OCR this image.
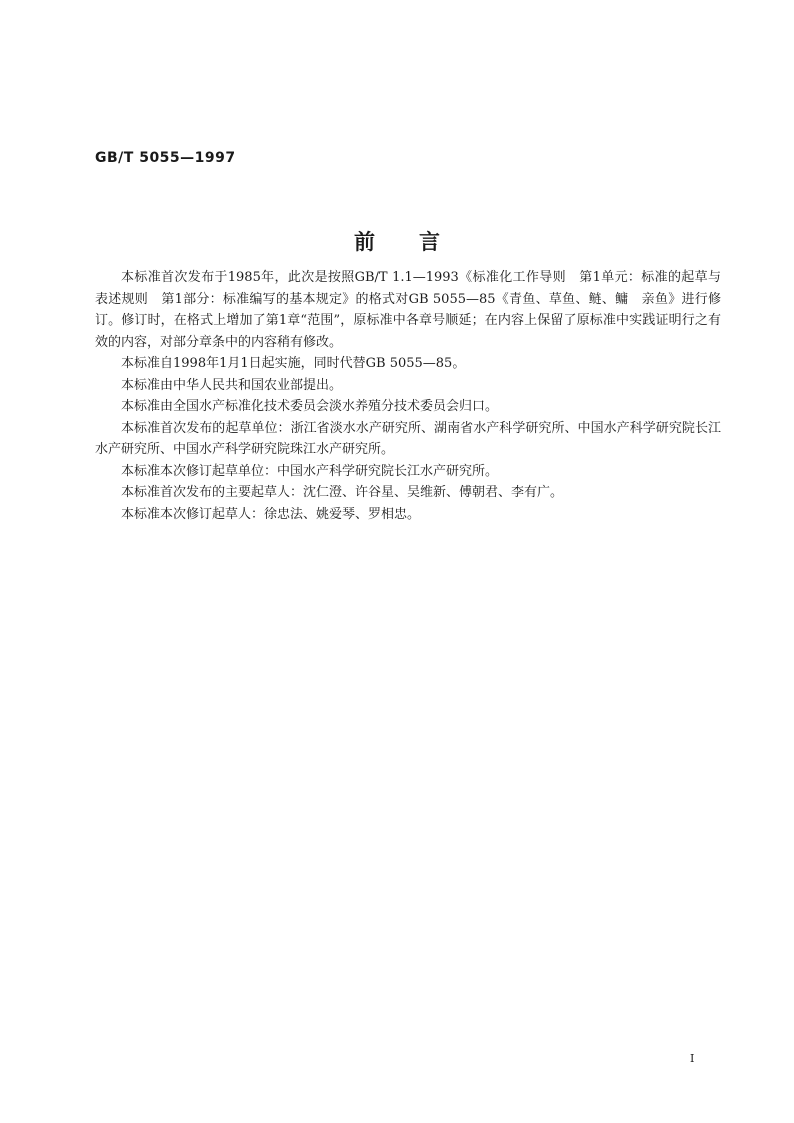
GB/T 5055—1997
前言

本标准首次发布于1985年，此次是按照GB/T 1.1—1993《标准化工作导则　第1单元：标准的起草与表述规则　第1部分：标准编写的基本规定》的格式对GB 5055—85《青鱼、草鱼、鲢、鳙　亲鱼》进行修订。修订时，在格式上增加了第1章“范围”，原标准中各章号顺延；在内容上保留了原标准中实践证明行之有效的内容，对部分章条中的内容稍有修改。

本标准自1998年1月1日起实施，同时代替GB 5055—85。

本标准由中华人民共和国农业部提出。

本标准由全国水产标准化技术委员会淡水养殖分技术委员会归口。

本标准首次发布的起草单位：浙江省淡水水产研究所、湖南省水产科学研究所、中国水产科学研究院长江水产研究所、中国水产科学研究院珠江水产研究所。

本标准本次修订起草单位：中国水产科学研究院长江水产研究所。

本标准首次发布的主要起草人：沈仁澄、许谷星、吴维新、傅朝君、李有广。

本标准本次修订起草人：徐忠法、姚爱琴、罗相忠。

I
